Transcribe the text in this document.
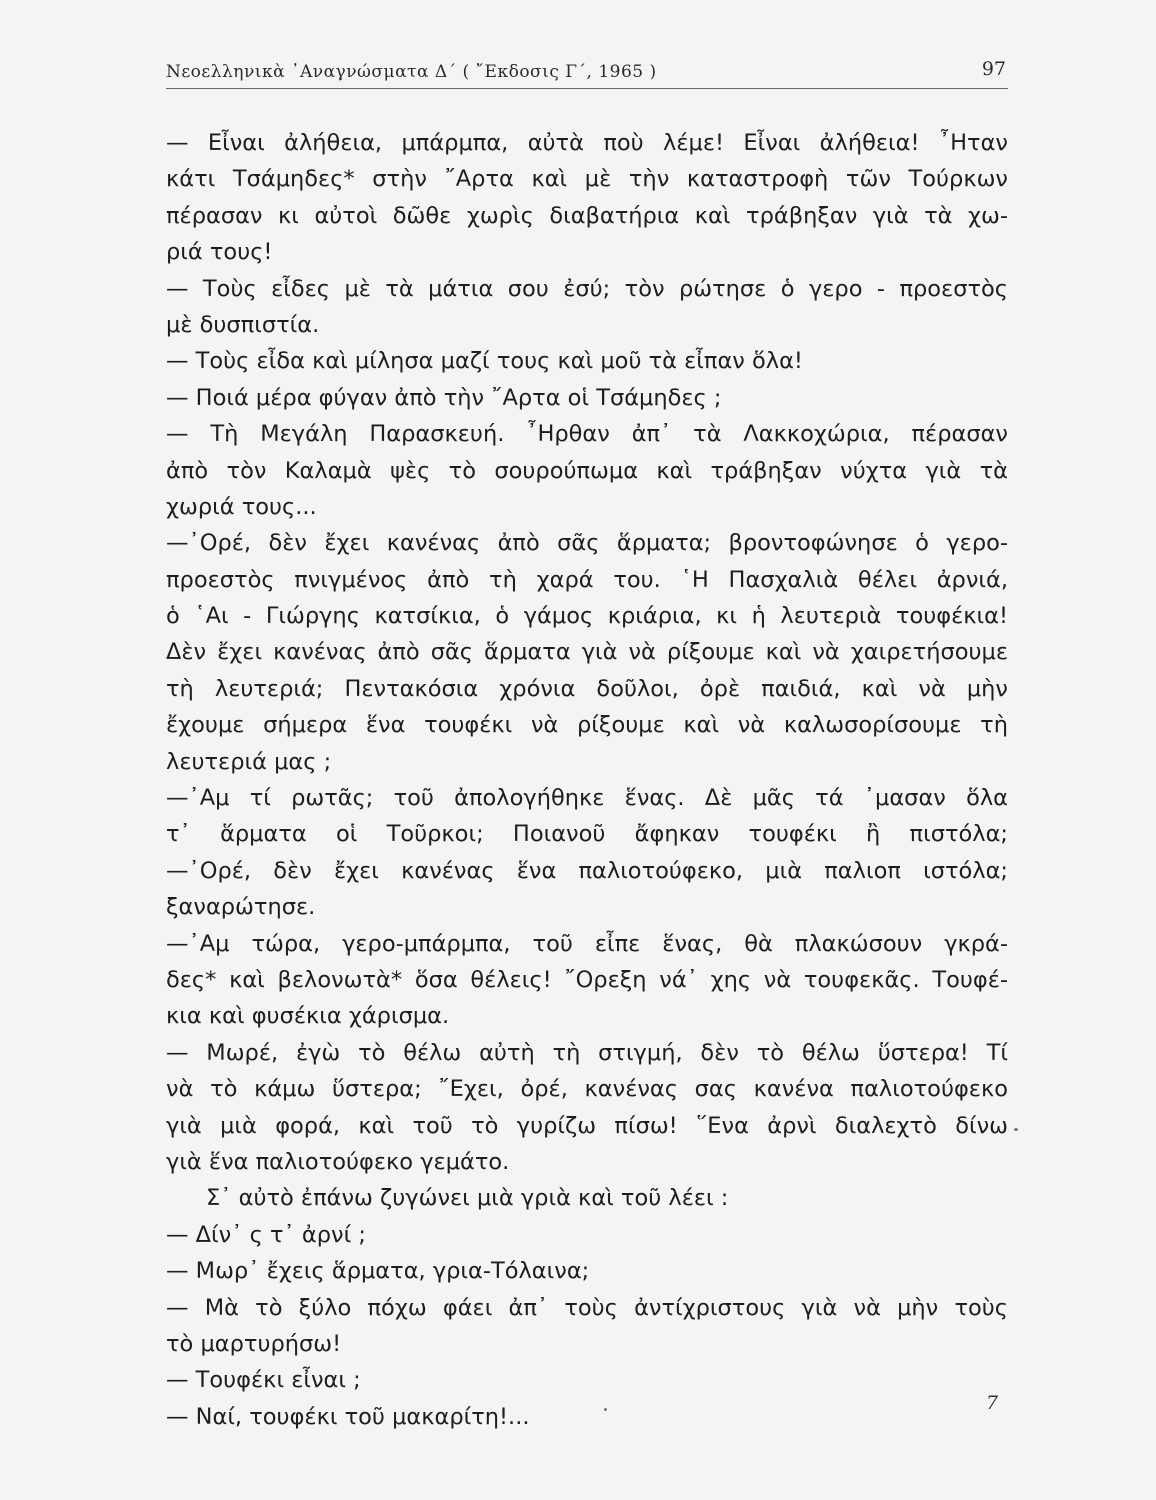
Νεοελληνικὰ ᾿Αναγνώσματα Δ΄ ( ῎Εκδοσις Γ΄, 1965 )	97
— Εἶναι ἀλήθεια, μπάρμπα, αὐτὰ ποὺ λέμε! Εἶναι ἀλήθεια! ῏Ηταν
κάτι Τσάμηδες* στὴν ῎Αρτα καὶ μὲ τὴν καταστροφὴ τῶν Τούρκων
πέρασαν κι αὐτοὶ δῶθε χωρὶς διαβατήρια καὶ τράβηξαν γιὰ τὰ χω-
ριά τους!
— Τοὺς εἶδες μὲ τὰ μάτια σου ἐσύ; τὸν ρώτησε ὁ γερο - προεστὸς
μὲ δυσπιστία.
— Τοὺς εἶδα καὶ μίλησα μαζί τους καὶ μοῦ τὰ εἶπαν ὅλα!
— Ποιά μέρα φύγαν ἀπὸ τὴν ῎Αρτα οἱ Τσάμηδες ;
— Τὴ Μεγάλη Παρασκευή. ῏Ηρθαν ἀπ᾿ τὰ Λακκοχώρια, πέρασαν
ἀπὸ τὸν Καλαμὰ ψὲς τὸ σουρούπωμα καὶ τράβηξαν νύχτα γιὰ τὰ
χωριά τους...
—᾿Ορέ, δὲν ἔχει κανένας ἀπὸ σᾶς ἅρματα; βροντοφώνησε ὁ γερο-
προεστὸς πνιγμένος ἀπὸ τὴ χαρά του. ῾Η Πασχαλιὰ θέλει ἀρνιά,
ὁ ῾Αι - Γιώργης κατσίκια, ὁ γάμος κριάρια, κι ἡ λευτεριὰ τουφέκια!
Δὲν ἔχει κανένας ἀπὸ σᾶς ἅρματα γιὰ νὰ ρίξουμε καὶ νὰ χαιρετήσουμε
τὴ λευτεριά; Πεντακόσια χρόνια δοῦλοι, ὀρὲ παιδιά, καὶ νὰ μὴν
ἔχουμε σήμερα ἕνα τουφέκι νὰ ρίξουμε καὶ νὰ καλωσορίσουμε τὴ
λευτεριά μας ;
—᾿Αμ τί ρωτᾶς; τοῦ ἀπολογήθηκε ἕνας. Δὲ μᾶς τά ᾿μασαν ὅλα
τ᾿ ἅρματα οἱ Τοῦρκοι; Ποιανοῦ ἄφηκαν τουφέκι ἢ πιστόλα;
—᾿Ορέ, δὲν ἔχει κανένας ἕνα παλιοτούφεκο, μιὰ παλιοπ ιστόλα;
ξαναρώτησε.
—᾿Αμ τώρα, γερο-μπάρμπα, τοῦ εἶπε ἕνας, θὰ πλακώσουν γκρά-
δες* καὶ βελονωτὰ* ὅσα θέλεις! ῎Ορεξη νά᾿ χης νὰ τουφεκᾶς. Τουφέ-
κια καὶ φυσέκια χάρισμα.
— Μωρέ, ἐγὼ τὸ θέλω αὐτὴ τὴ στιγμή, δὲν τὸ θέλω ὕστερα! Τί
νὰ τὸ κάμω ὕστερα; ῎Εχει, ὀρέ, κανένας σας κανένα παλιοτούφεκο
γιὰ μιὰ φορά, καὶ τοῦ τὸ γυρίζω πίσω! ῞Ενα ἀρνὶ διαλεχτὸ δίνω
γιὰ ἕνα παλιοτούφεκο γεμάτο.
Σ᾿ αὐτὸ ἐπάνω ζυγώνει μιὰ γριὰ καὶ τοῦ λέει :
— Δίν᾿ ς τ᾿ ἀρνί ;
— Μωρ᾿ ἔχεις ἅρματα, γρια-Τόλαινα;
— Μὰ τὸ ξύλο πόχω φάει ἀπ᾿ τοὺς ἀντίχριστους γιὰ νὰ μὴν τοὺς
τὸ μαρτυρήσω!
— Τουφέκι εἶναι ;
— Ναί, τουφέκι τοῦ μακαρίτη!...
7
